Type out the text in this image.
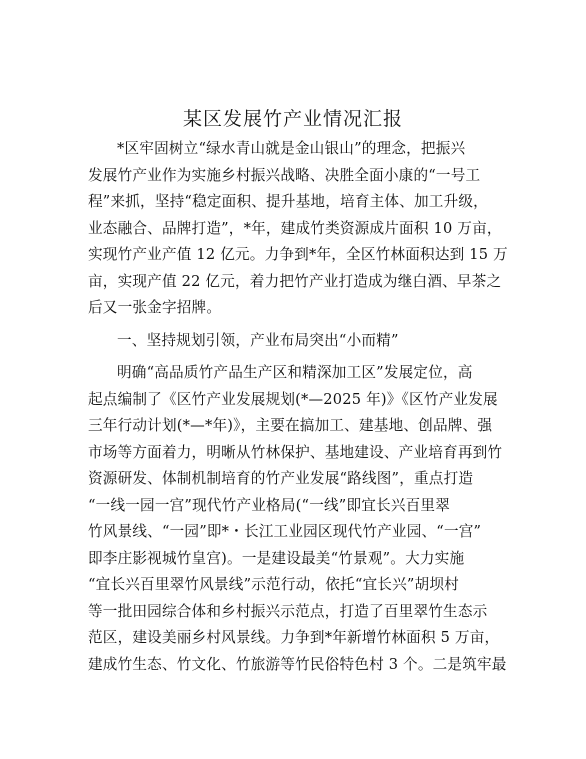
某区发展竹产业情况汇报
*区牢固树立“绿水青山就是金山银山”的理念，把振兴
发展竹产业作为实施乡村振兴战略、决胜全面小康的“一号工
程”来抓，坚持“稳定面积、提升基地，培育主体、加工升级，
业态融合、品牌打造”，*年，建成竹类资源成片面积 10 万亩，
实现竹产业产值 12 亿元。力争到*年，全区竹林面积达到 15 万
亩，实现产值 22 亿元，着力把竹产业打造成为继白酒、早茶之
后又一张金字招牌。
一、坚持规划引领，产业布局突出“小而精”
明确“高品质竹产品生产区和精深加工区”发展定位，高
起点编制了《区竹产业发展规划(*—2025 年)》《区竹产业发展
三年行动计划(*—*年)》，主要在搞加工、建基地、创品牌、强
市场等方面着力，明晰从竹林保护、基地建设、产业培育再到竹
资源研发、体制机制培育的竹产业发展“路线图”，重点打造
“一线一园一宫”现代竹产业格局(“一线”即宜长兴百里翠
竹风景线、“一园”即*・长江工业园区现代竹产业园、“一宫”
即李庄影视城竹皇宫)。一是建设最美“竹景观”。大力实施
“宜长兴百里翠竹风景线”示范行动，依托“宜长兴”胡坝村
等一批田园综合体和乡村振兴示范点，打造了百里翠竹生态示
范区，建设美丽乡村风景线。力争到*年新增竹林面积 5 万亩，
建成竹生态、竹文化、竹旅游等竹民俗特色村 3 个。二是筑牢最
